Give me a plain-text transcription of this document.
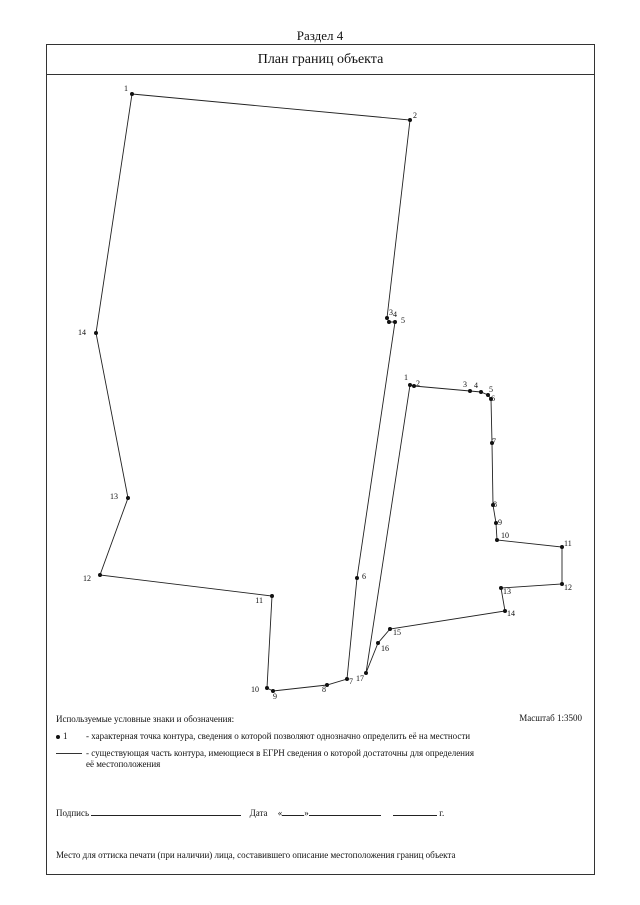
Раздел 4
План границ объекта
1
2
3 4
5
6
7
8
9
10
11
12
13
14
1
2	3 4 5
6
7
8
9
10
11
12
13
14
15
16
17
Используемые условные знаки и обозначения:	Масштаб 1:3500
1 - характерная точка контура, сведения о которой позволяют однозначно определить её на местности
- существующая часть контура, имеющиеся в ЕГРН сведения о которой достаточны для определения
её местоположения
Подпись	Дата « »	г.
Место для оттиска печати (при наличии) лица, составившего описание местоположения границ объекта
